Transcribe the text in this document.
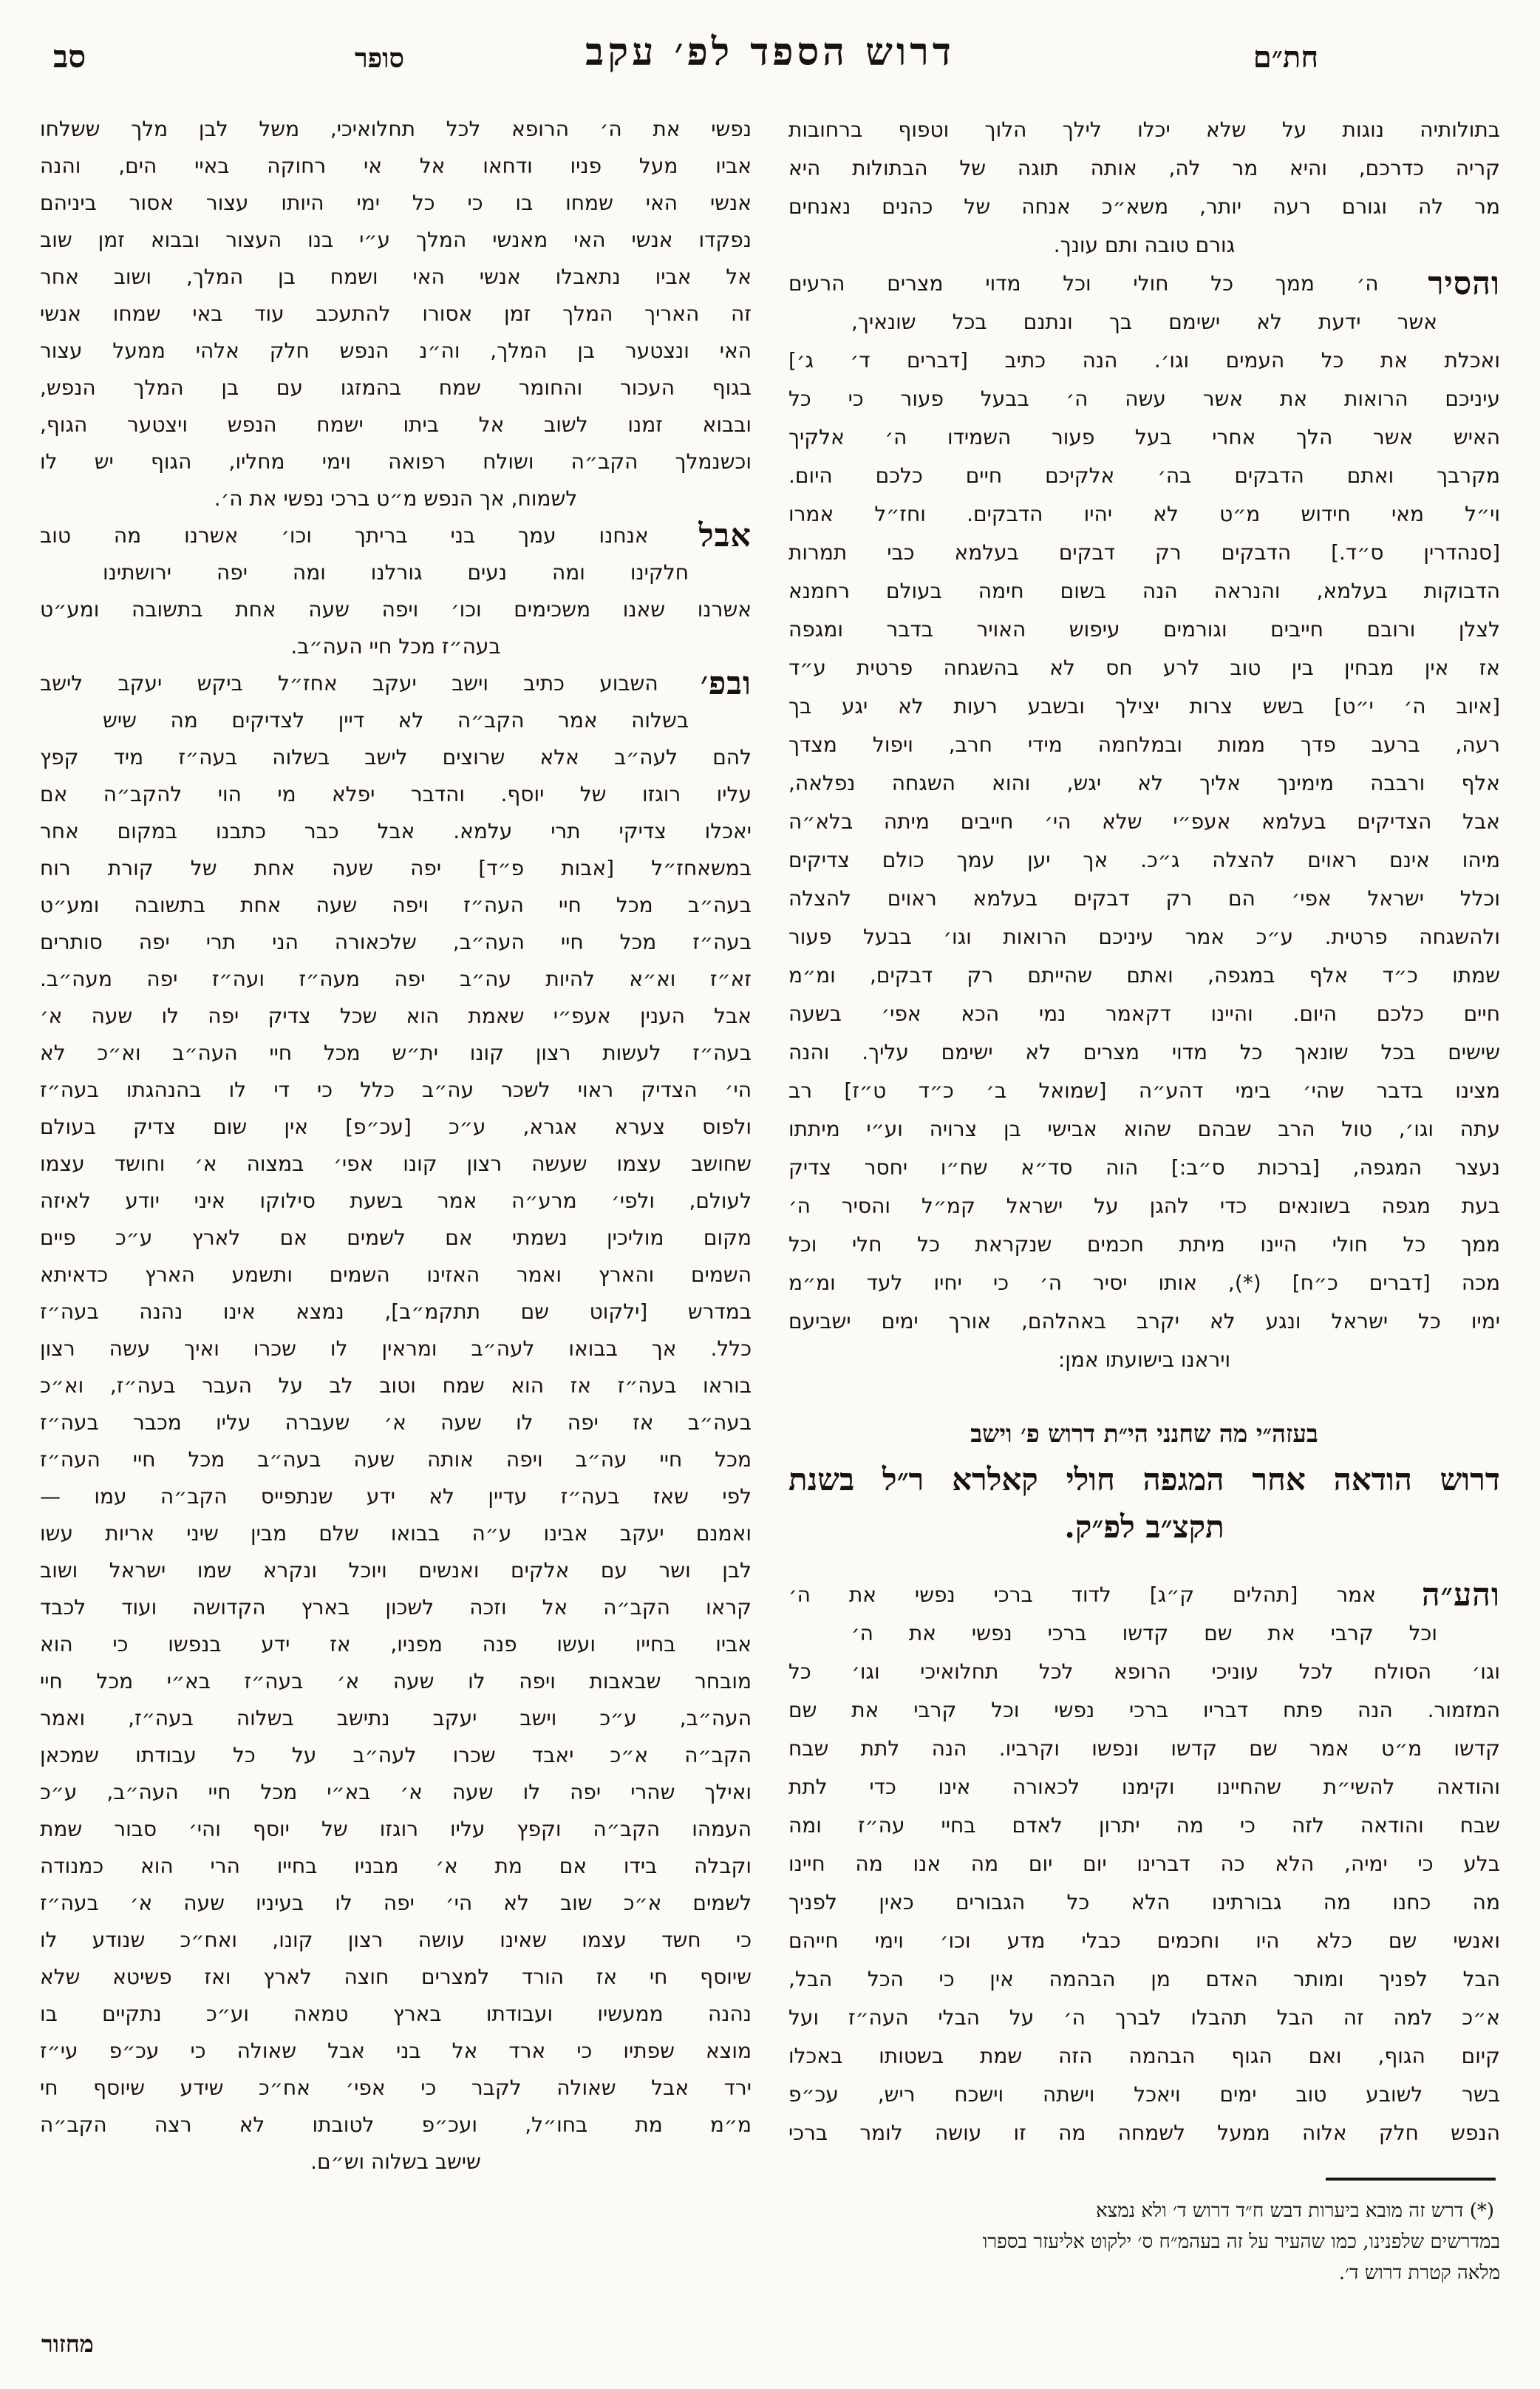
חת״ם
דרוש הספד לפ׳ עקב
סופר
סב
בתולותיה נוגות על שלא יכלו לילך הלוך וטפוף ברחובות
קריה כדרכם, והיא מר לה, אותה תוגה של הבתולות היא
מר לה וגורם רעה יותר, משא״כ אנחה של כהנים נאנחים
גורם טובה ותם עונך.
והסיר ה׳ ממך כל חולי וכל מדוי מצרים הרעים
אשר ידעת לא ישימם בך ונתנם בכל שונאיך,
ואכלת את כל העמים וגו׳. הנה כתיב [דברים ד׳ ג׳]
עיניכם הרואות את אשר עשה ה׳ בבעל פעור כי כל
האיש אשר הלך אחרי בעל פעור השמידו ה׳ אלקיך
מקרבך ואתם הדבקים בה׳ אלקיכם חיים כלכם היום.
וי״ל מאי חידוש מ״ט לא יהיו הדבקים. וחז״ל אמרו
[סנהדרין ס״ד.] הדבקים רק דבקים בעלמא כבי תמרות
הדבוקות בעלמא, והנראה הנה בשום חימה בעולם רחמנא
לצלן ורובם חייבים וגורמים עיפוש האויר בדבר ומגפה
אז אין מבחין בין טוב לרע חס לא בהשגחה פרטית ע״ד
[איוב ה׳ י״ט] בשש צרות יצילך ובשבע רעות לא יגע בך
רעה, ברעב פדך ממות ובמלחמה מידי חרב, ויפול מצדך
אלף ורבבה מימינך אליך לא יגש, והוא השגחה נפלאה,
אבל הצדיקים בעלמא אעפ״י שלא הי׳ חייבים מיתה בלא״ה
מיהו אינם ראוים להצלה ג״כ. אך יען עמך כולם צדיקים
וכלל ישראל אפי׳ הם רק דבקים בעלמא ראוים להצלה
ולהשגחה פרטית. ע״כ אמר עיניכם הרואות וגו׳ בבעל פעור
שמתו כ״ד אלף במגפה, ואתם שהייתם רק דבקים, ומ״מ
חיים כלכם היום. והיינו דקאמר נמי הכא אפי׳ בשעה
שישים בכל שונאך כל מדוי מצרים לא ישימם עליך. והנה
מצינו בדבר שהי׳ בימי דהע״ה [שמואל ב׳ כ״ד ט״ז] רב
עתה וגו׳, טול הרב שבהם שהוא אבישי בן צרויה וע״י מיתתו
נעצר המגפה, [ברכות ס״ב:] הוה סד״א שח״ו יחסר צדיק
בעת מגפה בשונאים כדי להגן על ישראל קמ״ל והסיר ה׳
ממך כל חולי היינו מיתת חכמים שנקראת כל חלי וכל
מכה [דברים כ״ח] (*), אותו יסיר ה׳ כי יחיו לעד ומ״מ
ימיו כל ישראל ונגע לא יקרב באהלהם, אורך ימים ישביעם
ויראנו בישועתו אמן:
בעזה״י מה שחנני הי״ת דרוש פ׳ וישב
דרוש הודאה אחר המגפה חולי קאלרא ר״ל בשנת
תקצ״ב לפ״ק.
והע״ה אמר [תהלים ק״ג] לדוד ברכי נפשי את ה׳
וכל קרבי את שם קדשו ברכי נפשי את ה׳
וגו׳ הסולח לכל עוניכי הרופא לכל תחלואיכי וגו׳ כל
המזמור. הנה פתח דבריו ברכי נפשי וכל קרבי את שם
קדשו מ״ט אמר שם קדשו ונפשו וקרביו. הנה לתת שבח
והודאה להשי״ת שהחיינו וקימנו לכאורה אינו כדי לתת
שבח והודאה לזה כי מה יתרון לאדם בחיי עה״ז ומה
בלע כי ימיה, הלא כה דברינו יום יום מה אנו מה חיינו
מה כחנו מה גבורתינו הלא כל הגבורים כאין לפניך
ואנשי שם כלא היו וחכמים כבלי מדע וכו׳ וימי חייהם
הבל לפניך ומותר האדם מן הבהמה אין כי הכל הבל,
א״כ למה זה הבל תהבלו לברך ה׳ על הבלי העה״ז ועל
קיום הגוף, ואם הגוף הבהמה הזה שמת בשטותו באכלו
בשר לשובע טוב ימים ויאכל וישתה וישכח ריש, עכ״פ
הנפש חלק אלוה ממעל לשמחה מה זו עושה לומר ברכי
(*) דרש זה מובא ביערות דבש ח״ד דרוש ד׳ ולא נמצא
במדרשים שלפנינו, כמו שהעיר על זה בעהמ״ח ס׳ ילקוט אליעזר בספרו
מלאה קטרת דרוש ד׳.
נפשי את ה׳ הרופא לכל תחלואיכי, משל לבן מלך ששלחו
אביו מעל פניו ודחאו אל אי רחוקה באיי הים, והנה
אנשי האי שמחו בו כי כל ימי היותו עצור אסור ביניהם
נפקדו אנשי האי מאנשי המלך ע״י בנו העצור ובבוא זמן שוב
אל אביו נתאבלו אנשי האי ושמח בן המלך, ושוב אחר
זה האריך המלך זמן אסורו להתעכב עוד באי שמחו אנשי
האי ונצטער בן המלך, וה״נ הנפש חלק אלהי ממעל עצור
בגוף העכור והחומר שמח בהמזגו עם בן המלך הנפש,
ובבוא זמנו לשוב אל ביתו ישמח הנפש ויצטער הגוף,
וכשנמלך הקב״ה ושולח רפואה וימי מחליו, הגוף יש לו
לשמוח, אך הנפש מ״ט ברכי נפשי את ה׳.
אבל אנחנו עמך בני בריתך וכו׳ אשרנו מה טוב
חלקינו ומה נעים גורלנו ומה יפה ירושתינו
אשרנו שאנו משכימים וכו׳ ויפה שעה אחת בתשובה ומע״ט
בעה״ז מכל חיי העה״ב.
ובפ׳ השבוע כתיב וישב יעקב אחז״ל ביקש יעקב לישב
בשלוה אמר הקב״ה לא דיין לצדיקים מה שיש
להם לעה״ב אלא שרוצים לישב בשלוה בעה״ז מיד קפץ
עליו רוגזו של יוסף. והדבר יפלא מי הוי להקב״ה אם
יאכלו צדיקי תרי עלמא. אבל כבר כתבנו במקום אחר
במשאחז״ל [אבות פ״ד] יפה שעה אחת של קורת רוח
בעה״ב מכל חיי העה״ז ויפה שעה אחת בתשובה ומע״ט
בעה״ז מכל חיי העה״ב, שלכאורה הני תרי יפה סותרים
זא״ז וא״א להיות עה״ב יפה מעה״ז ועה״ז יפה מעה״ב.
אבל הענין אעפ״י שאמת הוא שכל צדיק יפה לו שעה א׳
בעה״ז לעשות רצון קונו ית״ש מכל חיי העה״ב וא״כ לא
הי׳ הצדיק ראוי לשכר עה״ב כלל כי די לו בהנהגתו בעה״ז
ולפוס צערא אגרא, ע״כ [עכ״פ] אין שום צדיק בעולם
שחושב עצמו שעשה רצון קונו אפי׳ במצוה א׳ וחושד עצמו
לעולם, ולפי׳ מרע״ה אמר בשעת סילוקו איני יודע לאיזה
מקום מוליכין נשמתי אם לשמים אם לארץ ע״כ פיים
השמים והארץ ואמר האזינו השמים ותשמע הארץ כדאיתא
במדרש [ילקוט שם תתקמ״ב], נמצא אינו נהנה בעה״ז
כלל. אך בבואו לעה״ב ומראין לו שכרו ואיך עשה רצון
בוראו בעה״ז אז הוא שמח וטוב לב על העבר בעה״ז, וא״כ
בעה״ב אז יפה לו שעה א׳ שעברה עליו מכבר בעה״ז
מכל חיי עה״ב ויפה אותה שעה בעה״ב מכל חיי העה״ז
לפי שאז בעה״ז עדיין לא ידע שנתפייס הקב״ה עמו —
ואמנם יעקב אבינו ע״ה בבואו שלם מבין שיני אריות עשו
לבן ושר עם אלקים ואנשים ויוכל ונקרא שמו ישראל ושוב
קראו הקב״ה אל וזכה לשכון בארץ הקדושה ועוד לכבד
אביו בחייו ועשו פנה מפניו, אז ידע בנפשו כי הוא
מובחר שבאבות ויפה לו שעה א׳ בעה״ז בא״י מכל חיי
העה״ב, ע״כ וישב יעקב נתישב בשלוה בעה״ז, ואמר
הקב״ה א״כ יאבד שכרו לעה״ב על כל עבודתו שמכאן
ואילך שהרי יפה לו שעה א׳ בא״י מכל חיי העה״ב, ע״כ
העמהו הקב״ה וקפץ עליו רוגזו של יוסף והי׳ סבור שמת
וקבלה בידו אם מת א׳ מבניו בחייו הרי הוא כמנודה
לשמים א״כ שוב לא הי׳ יפה לו בעיניו שעה א׳ בעה״ז
כי חשד עצמו שאינו עושה רצון קונו, ואח״כ שנודע לו
שיוסף חי אז הורד למצרים חוצה לארץ ואז פשיטא שלא
נהנה ממעשיו ועבודתו בארץ טמאה וע״כ נתקיים בו
מוצא שפתיו כי ארד אל בני אבל שאולה כי עכ״פ עי״ז
ירד אבל שאולה לקבר כי אפי׳ אח״כ שידע שיוסף חי
מ״מ מת בחו״ל, ועכ״פ לטובתו לא רצה הקב״ה
שישב בשלוה וש״ם.
מחזור
